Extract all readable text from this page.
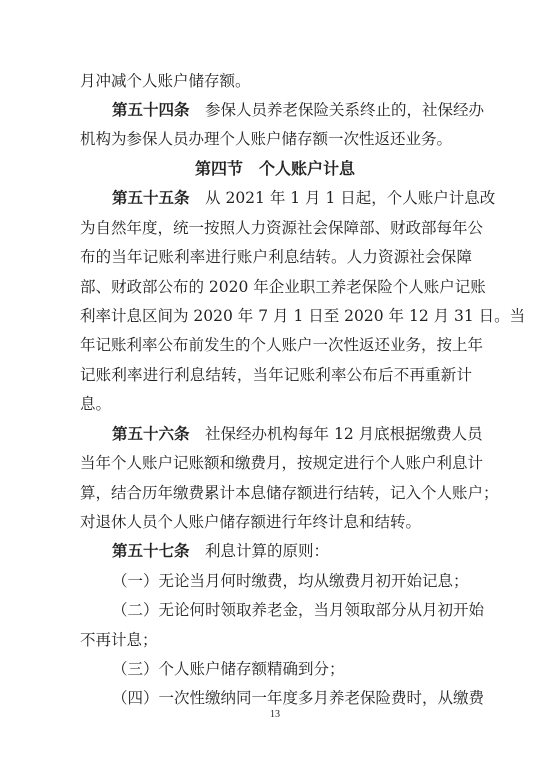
月冲减个人账户储存额。
第五十四条　 参保人员养老保险关系终止的，社保经办
机构为参保人员办理个人账户储存额一次性返还业务。
第四节　个人账户计息
第五十五条　 从 2021 年 1 月 1 日起，个人账户计息改
为自然年度，统一按照人力资源社会保障部、财政部每年公
布的当年记账利率进行账户利息结转。人力资源社会保障
部、财政部公布的 2020 年企业职工养老保险个人账户记账
利率计息区间为 2020 年 7 月 1 日至 2020 年 12 月 31 日。当
年记账利率公布前发生的个人账户一次性返还业务，按上年
记账利率进行利息结转，当年记账利率公布后不再重新计
息。
第五十六条　 社保经办机构每年 12 月底根据缴费人员
当年个人账户记账额和缴费月，按规定进行个人账户利息计
算，结合历年缴费累计本息储存额进行结转，记入个人账户；
对退休人员个人账户储存额进行年终计息和结转。
第五十七条　 利息计算的原则：
（一）无论当月何时缴费，均从缴费月初开始记息；
（二）无论何时领取养老金，当月领取部分从月初开始
不再计息；
（三）个人账户储存额精确到分；
（四）一次性缴纳同一年度多月养老保险费时，从缴费
13
